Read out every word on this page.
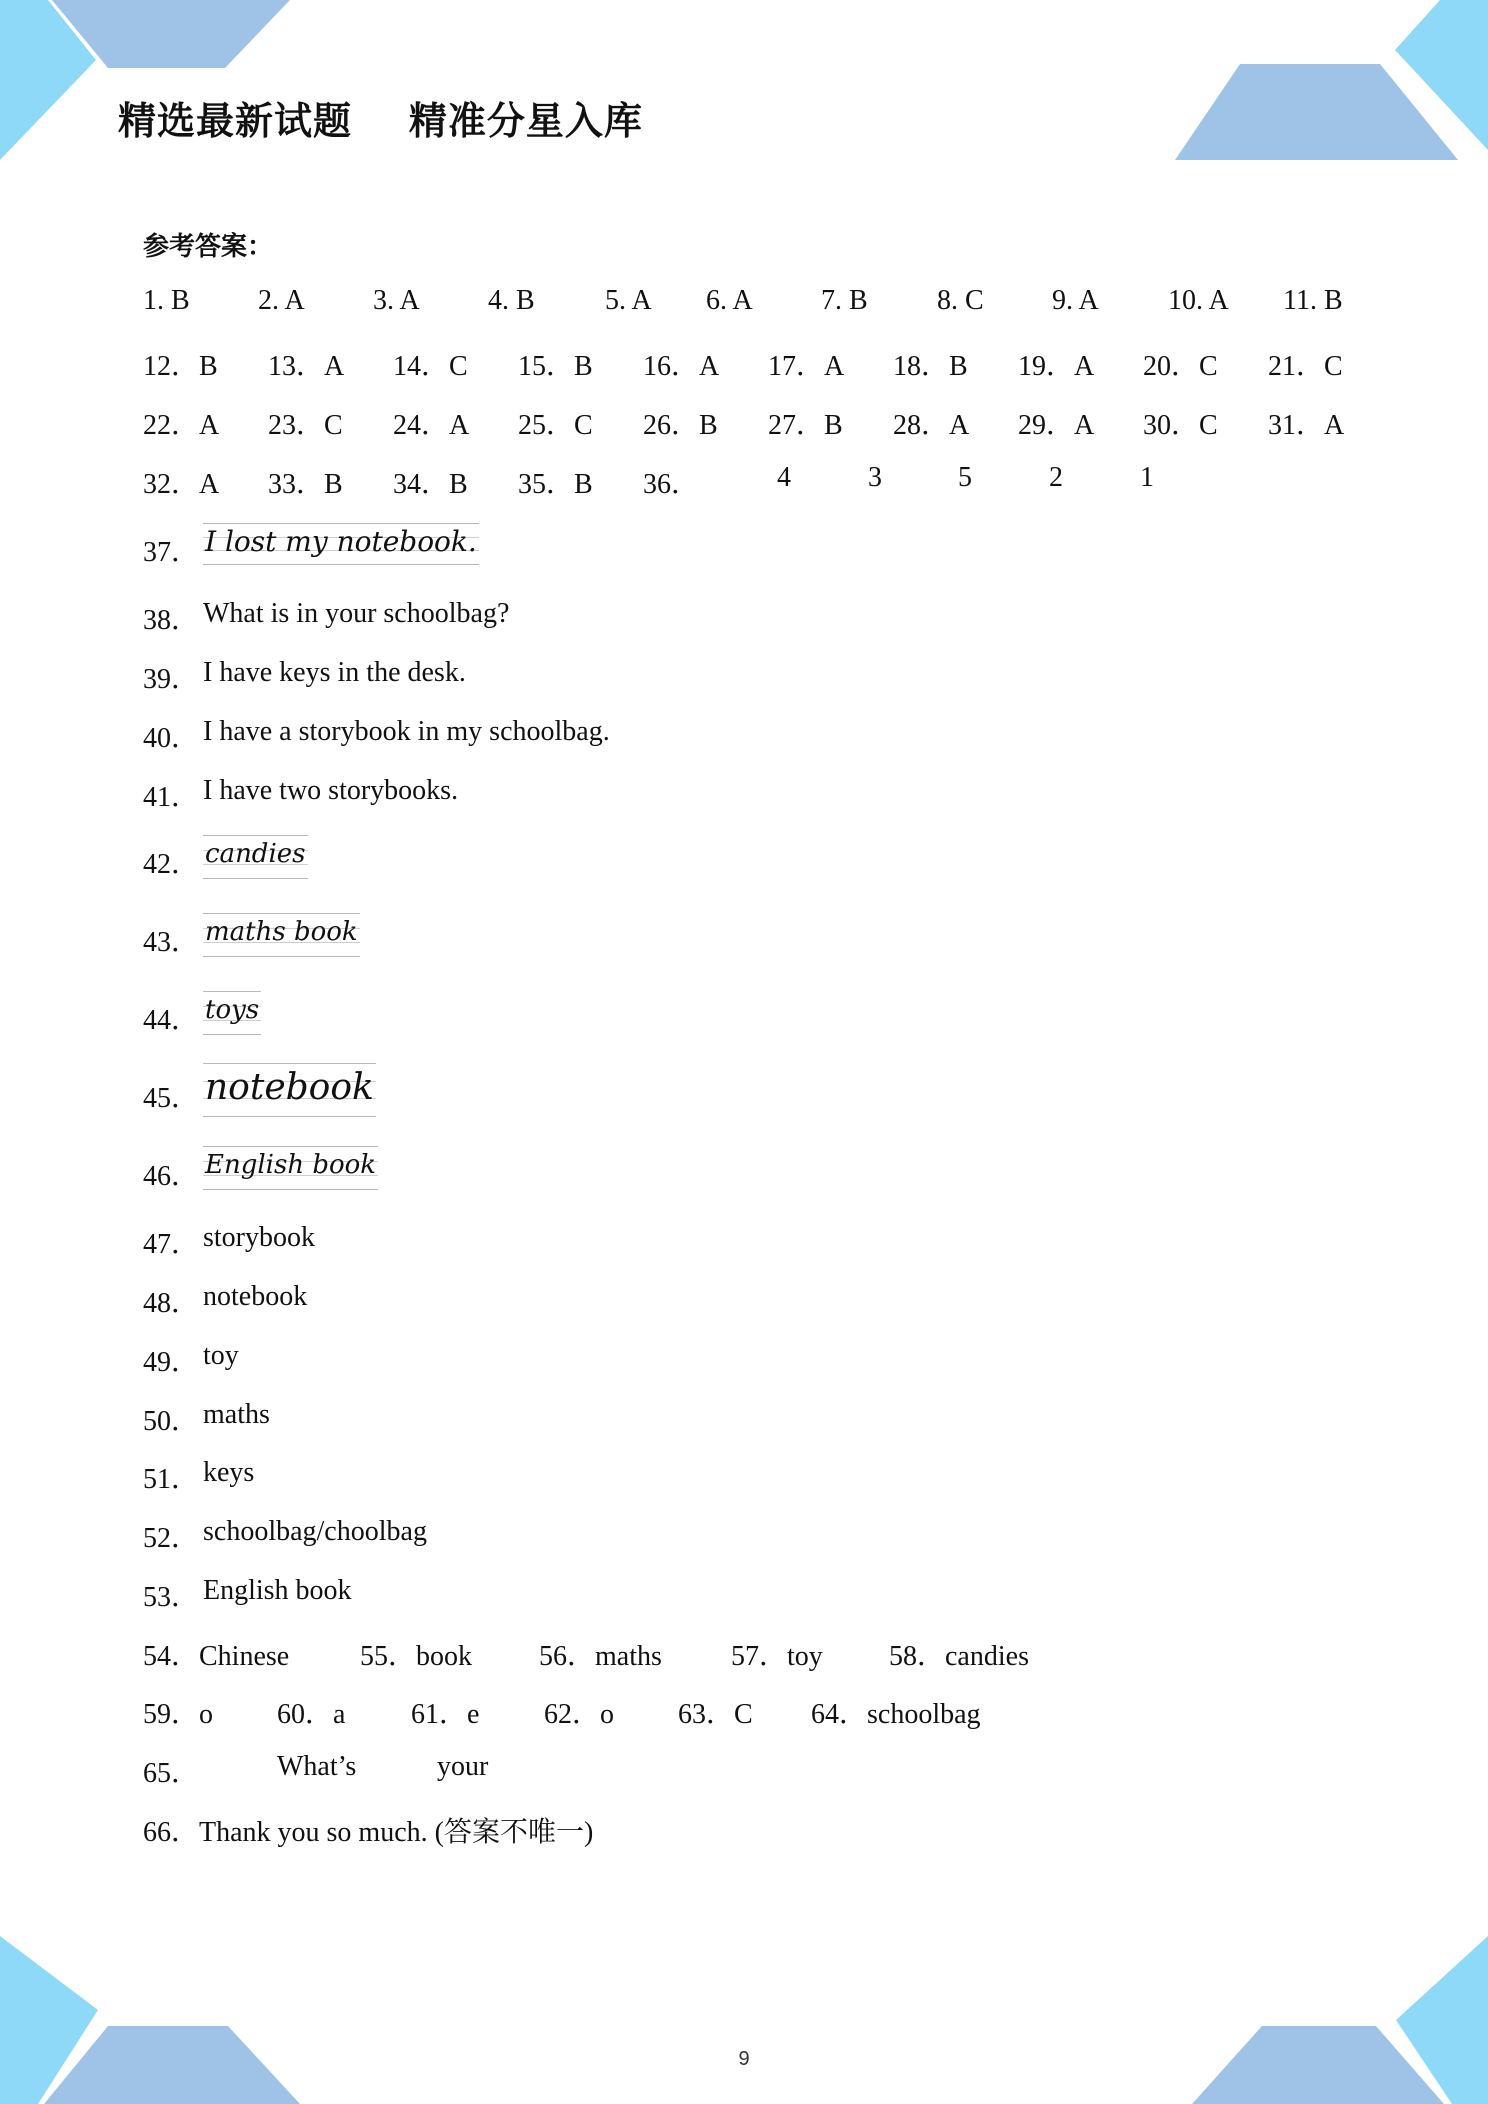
精选最新试题    精准分星入库
参考答案：
1. B 2. A 3. A 4. B	5. A 6. A 7. B 8. C 9. A 10. A 11. B
12．B 13．A 14．C 15．B 16．A 17．A 18．B 19．A 20．C 21．C
22．A 23．C 24．A 25．C 26．B 27．B 28．A 29．A 30．C 31．A
32．A 33．B 34．B 35．B 36．	4	3	5	2	1
37． I lost my notebook.
38． What is in your schoolbag?
39． I have keys in the desk.
40． I have a storybook in my schoolbag.
41． I have two storybooks.
42． candies
43． maths book
44． toys
45． notebook
46． English book
47． storybook
48． notebook
49． toy
50． maths
51． keys
52． schoolbag/choolbag
53． English book
54．Chinese	55．book 56．maths 57．toy 58．candies
59．o 60．a 61．e 62．o 63．C 64．schoolbag
65．	What’s	your
66．Thank you so much. (答案不唯一)
9
